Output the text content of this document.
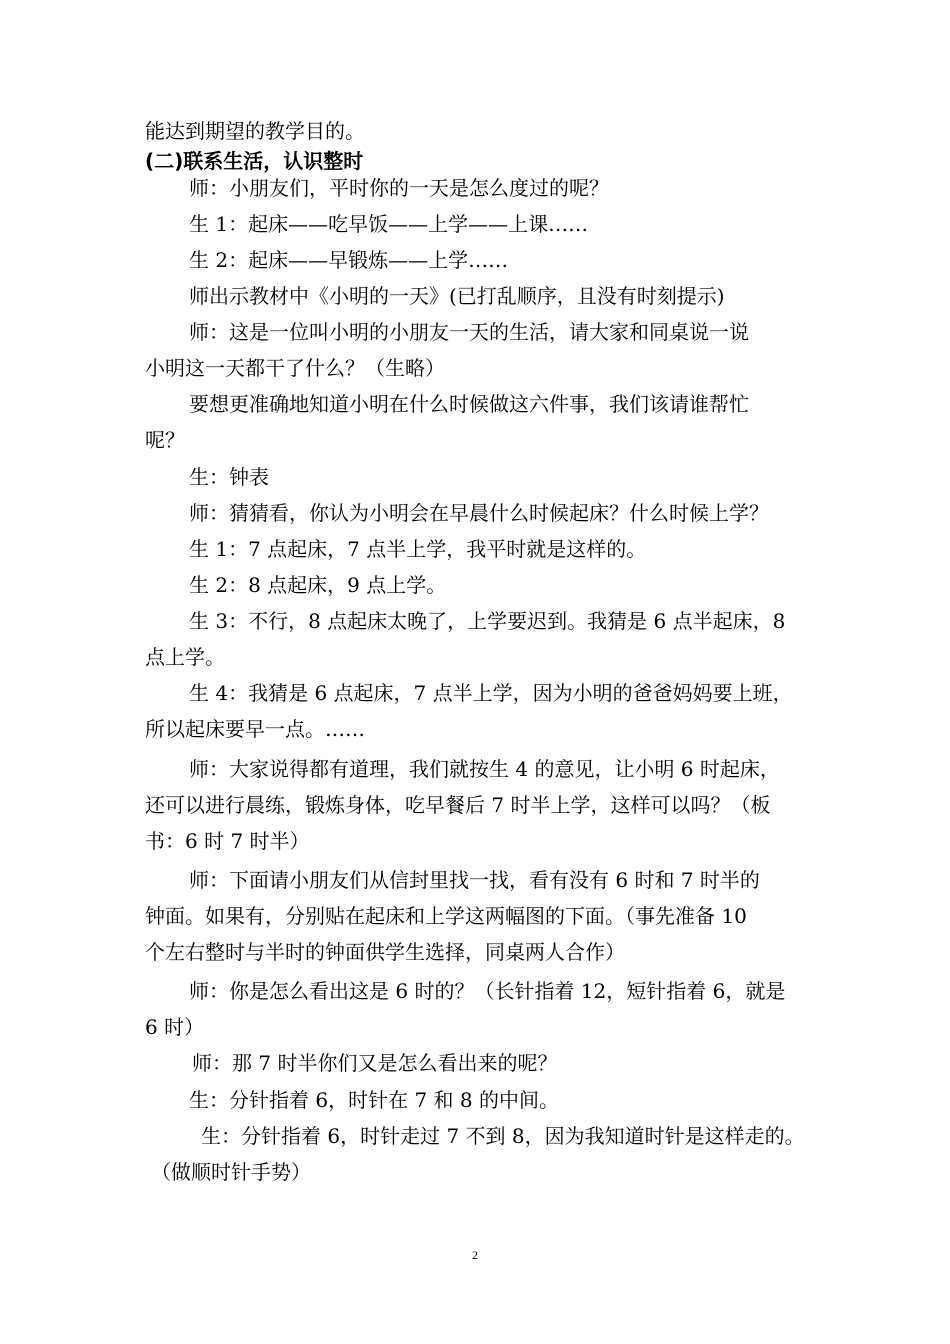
能达到期望的教学目的。
(二)联系生活，认识整时
师：小朋友们，平时你的一天是怎么度过的呢？
生 1：起床——吃早饭——上学——上课……
生 2：起床——早锻炼——上学……
师出示教材中《小明的一天》(已打乱顺序，且没有时刻提示)
师：这是一位叫小明的小朋友一天的生活，请大家和同桌说一说
小明这一天都干了什么？（生略）
要想更准确地知道小明在什么时候做这六件事，我们该请谁帮忙
呢？
生：钟表
师：猜猜看，你认为小明会在早晨什么时候起床？什么时候上学？
生 1：7 点起床，7 点半上学，我平时就是这样的。
生 2：8 点起床，9 点上学。
生 3：不行，8 点起床太晚了，上学要迟到。我猜是 6 点半起床，8
点上学。
生 4：我猜是 6 点起床，7 点半上学，因为小明的爸爸妈妈要上班，
所以起床要早一点。……
师：大家说得都有道理，我们就按生 4 的意见，让小明 6 时起床，
还可以进行晨练，锻炼身体，吃早餐后 7 时半上学，这样可以吗？（板
书：6 时 7 时半）
师：下面请小朋友们从信封里找一找，看有没有 6 时和 7 时半的
钟面。如果有，分别贴在起床和上学这两幅图的下面。（事先准备 10
个左右整时与半时的钟面供学生选择，同桌两人合作）
师：你是怎么看出这是 6 时的？（长针指着 12，短针指着 6，就是
6 时）
师：那 7 时半你们又是怎么看出来的呢？
生：分针指着 6，时针在 7 和 8 的中间。
生：分针指着 6，时针走过 7 不到 8，因为我知道时针是这样走的。
（做顺时针手势）
2
